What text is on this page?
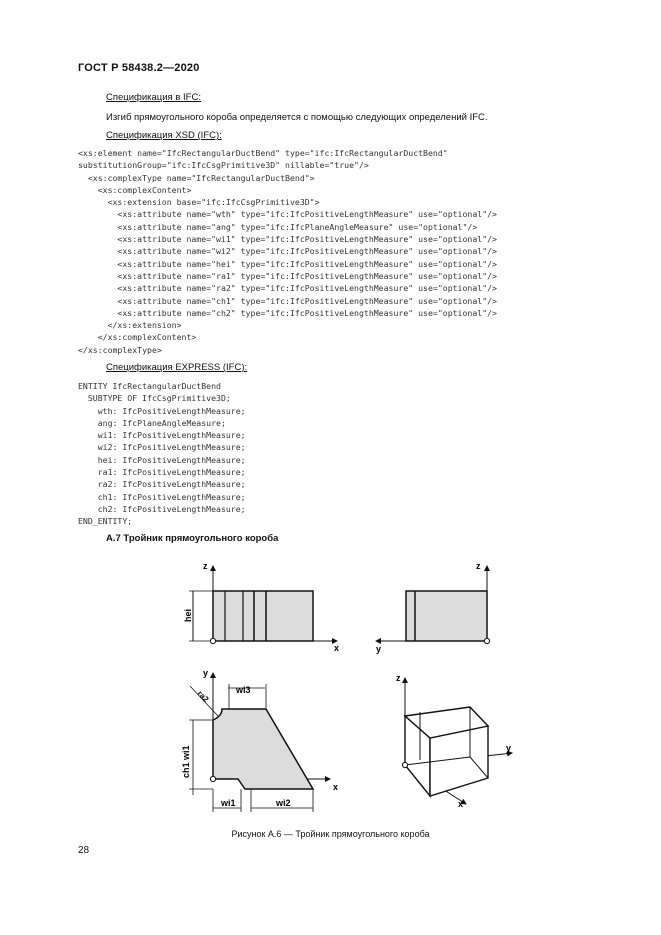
ГОСТ Р 58438.2—2020
Спецификация в IFC:
Изгиб прямоугольного короба определяется с помощью следующих определений IFC.
Спецификация XSD (IFC):
<xs:element name="IfcRectangularDuctBend" type="ifc:IfcRectangularDuctBend"
substitutionGroup="ifc:IfcCsgPrimitive3D" nillable="true"/>
<xs:complexType name="IfcRectangularDuctBend">
<xs:complexContent>
<xs:extension base="ifc:IfcCsgPrimitive3D">
<xs:attribute name="wth" type="ifc:IfcPositiveLengthMeasure" use="optional"/>
<xs:attribute name="ang" type="ifc:IfcPlaneAngleMeasure" use="optional"/>
<xs:attribute name="wi1" type="ifc:IfcPositiveLengthMeasure" use="optional"/>
<xs:attribute name="wi2" type="ifc:IfcPositiveLengthMeasure" use="optional"/>
<xs:attribute name="hei" type="ifc:IfcPositiveLengthMeasure" use="optional"/>
<xs:attribute name="ra1" type="ifc:IfcPositiveLengthMeasure" use="optional"/>
<xs:attribute name="ra2" type="ifc:IfcPositiveLengthMeasure" use="optional"/>
<xs:attribute name="ch1" type="ifc:IfcPositiveLengthMeasure" use="optional"/>
<xs:attribute name="ch2" type="ifc:IfcPositiveLengthMeasure" use="optional"/>
</xs:extension>
</xs:complexContent>
</xs:complexType>
Спецификация EXPRESS (IFC):
ENTITY IfcRectangularDuctBend
SUBTYPE OF IfcCsgPrimitive3D;
wth: IfcPositiveLengthMeasure;
ang: IfcPlaneAngleMeasure;
wi1: IfcPositiveLengthMeasure;
wi2: IfcPositiveLengthMeasure;
hei: IfcPositiveLengthMeasure;
ra1: IfcPositiveLengthMeasure;
ra2: IfcPositiveLengthMeasure;
ch1: IfcPositiveLengthMeasure;
ch2: IfcPositiveLengthMeasure;
END_ENTITY;
А.7 Тройник прямоугольного короба
z
x
hei
z
y
y
x
wi3
ra2
ch1 wi1
wi1	wi2
z
y
x
Рисунок А.6 — Тройник прямоугольного короба
28
